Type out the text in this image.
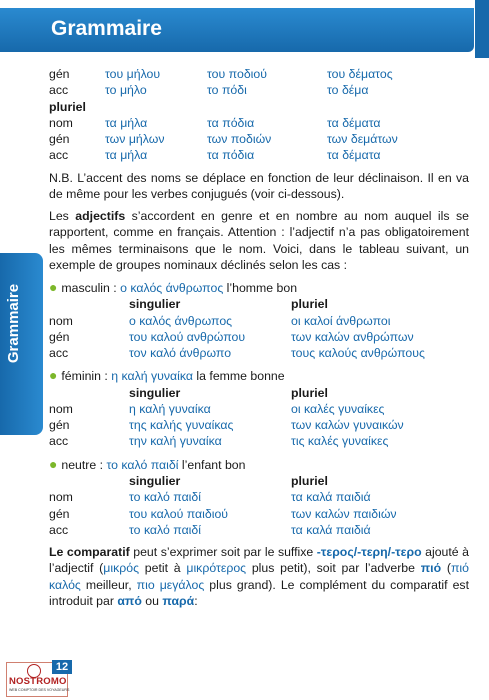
Grammaire
Grammaire
gén	του μήλου	του ποδιού	του δέματος
acc	το μήλο	το πόδι	το δέμα
pluriel
nom	τα μήλα	τα πόδια	τα δέματα
gén	των μήλων	των ποδιών	των δεμάτων
acc	τα μήλα	τα πόδια	τα δέματα

N.B. L’accent des noms se déplace en fonction de leur déclinaison. Il en va de même pour les verbes conjugués (voir ci-dessous).

Les adjectifs s’accordent en genre et en nombre au nom auquel ils se rapportent, comme en français. Attention : l’adjectif n’a pas obligatoirement les mêmes terminaisons que le nom. Voici, dans le tableau suivant, un exemple de groupes nominaux déclinés selon les cas :

● masculin : ο καλός άνθρωπος l’homme bon
singulier	pluriel
nom	ο καλός άνθρωπος	οι καλοί άνθρωποι
gén	του καλού ανθρώπου	των καλών ανθρώπων
acc	τον καλό άνθρωπο	τους καλούς ανθρώπους
● féminin : η καλή γυναίκα la femme bonne
singulier	pluriel
nom	η καλή γυναίκα	οι καλές γυναίκες
gén	της καλής γυναίκας	των καλών γυναικών
acc	την καλή γυναίκα	τις καλές γυναίκες
● neutre : το καλό παιδί l’enfant bon
singulier	pluriel
nom	το καλό παιδί	τα καλά παιδιά
gén	του καλού παιδιού	των καλών παιδιών
acc	το καλό παιδί	τα καλά παιδιά

Le comparatif peut s’exprimer soit par le suffixe -τερος/-τερη/-τερο ajouté à l’adjectif (μικρός petit à μικρότερος plus petit), soit par l’adverbe πιό (πιό καλός meilleur, πιο μεγάλος plus grand). Le complément du comparatif est introduit par από ou παρά:

NOSTROMO
WEB COMPTOIR DES VOYAGEURS
12
